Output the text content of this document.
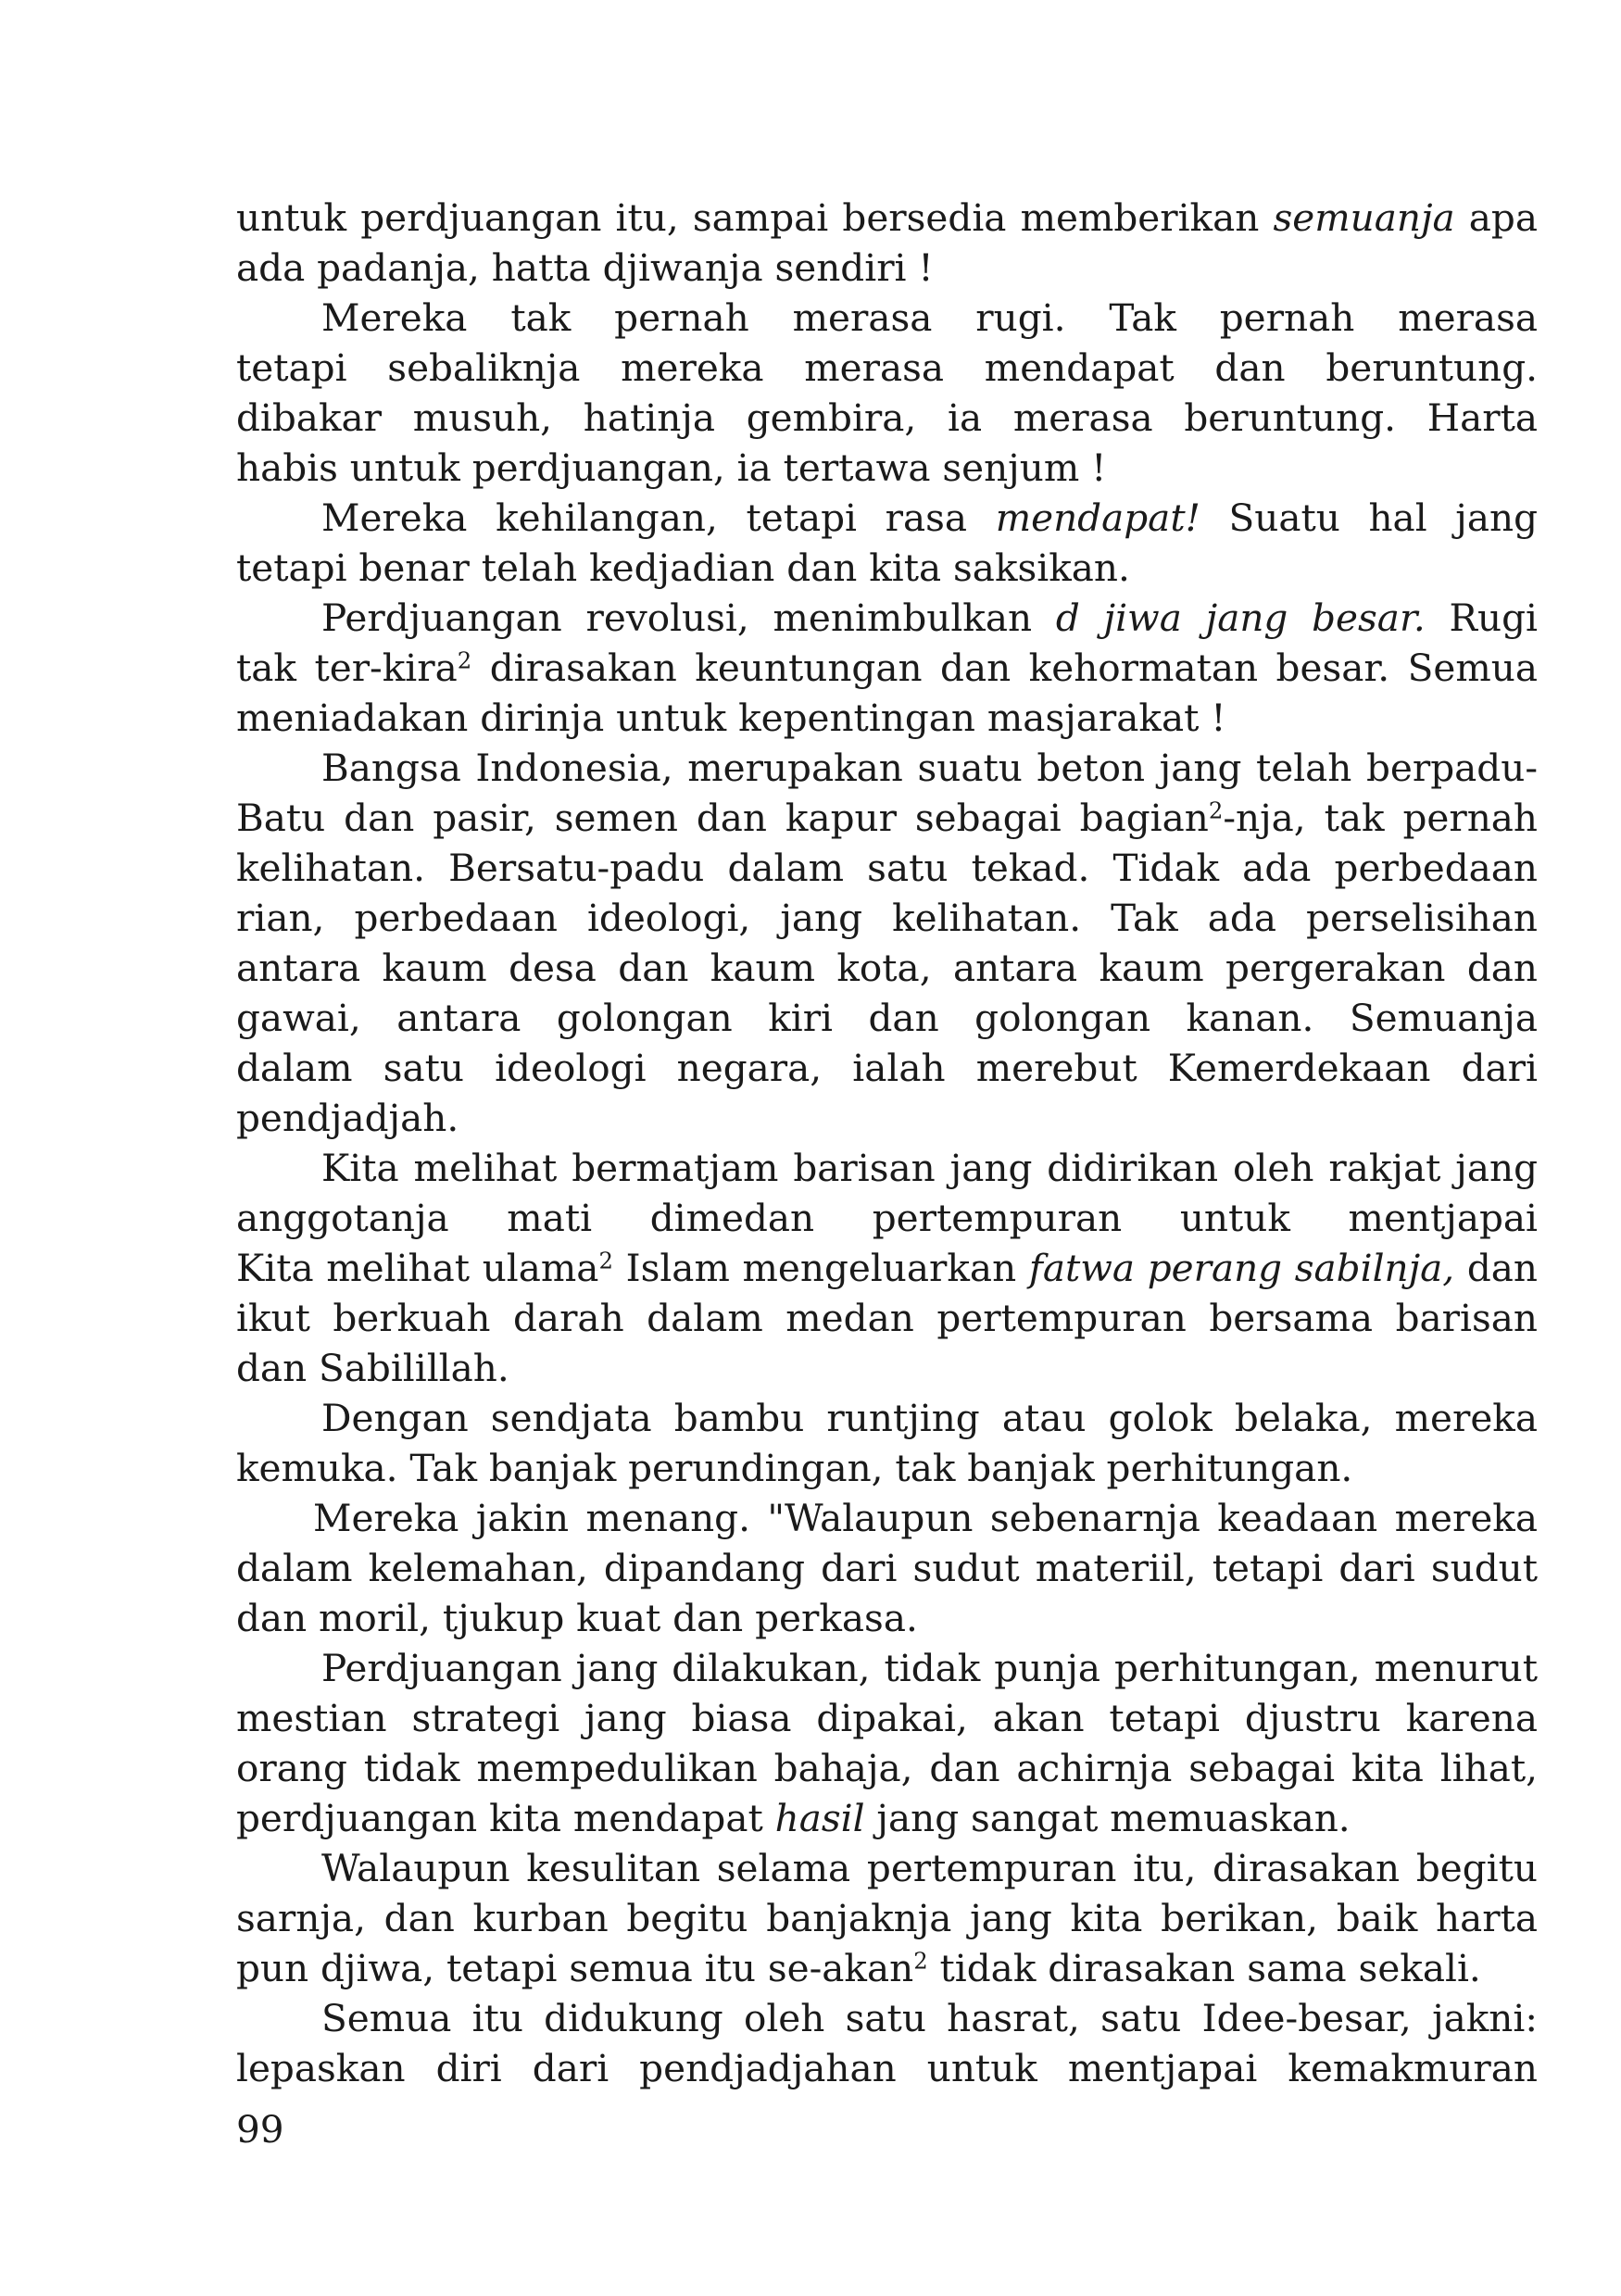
untuk perdjuangan itu, sampai bersedia memberikan semuanja apa
ada padanja, hatta djiwanja sendiri !
Mereka tak pernah merasa rugi. Tak pernah merasa
tetapi sebaliknja mereka merasa mendapat dan beruntung.
dibakar musuh, hatinja gembira, ia merasa beruntung. Harta
habis untuk perdjuangan, ia tertawa senjum !
Mereka kehilangan, tetapi rasa mendapat! Suatu hal jang
tetapi benar telah kedjadian dan kita saksikan.
Perdjuangan revolusi, menimbulkan d jiwa jang besar. Rugi
tak ter-kira$^2$ dirasakan keuntungan dan kehormatan besar. Semua
meniadakan dirinja untuk kepentingan masjarakat !
Bangsa Indonesia, merupakan suatu beton jang telah berpadu-
Batu dan pasir, semen dan kapur sebagai bagian$^2$-nja, tak pernah
kelihatan. Bersatu-padu dalam satu tekad. Tidak ada perbedaan
rian, perbedaan ideologi, jang kelihatan. Tak ada perselisihan
antara kaum desa dan kaum kota, antara kaum pergerakan dan
gawai, antara golongan kiri dan golongan kanan. Semuanja
dalam satu ideologi negara, ialah merebut Kemerdekaan dari
pendjadjah.
Kita melihat bermatjam barisan jang didirikan oleh rakjat jang
anggotanja mati dimedan pertempuran untuk mentjapai
Kita melihat ulama$^2$ Islam mengeluarkan fatwa perang sabilnja, dan
ikut berkuah darah dalam medan pertempuran bersama barisan
dan Sabilillah.
Dengan sendjata bambu runtjing atau golok belaka, mereka
kemuka. Tak banjak perundingan, tak banjak perhitungan.
Mereka jakin menang. "Walaupun sebenarnja keadaan mereka
dalam kelemahan, dipandang dari sudut materiil, tetapi dari sudut
dan moril, tjukup kuat dan perkasa.
Perdjuangan jang dilakukan, tidak punja perhitungan, menurut
mestian strategi jang biasa dipakai, akan tetapi djustru karena
orang tidak mempedulikan bahaja, dan achirnja sebagai kita lihat,
perdjuangan kita mendapat hasil jang sangat memuaskan.
Walaupun kesulitan selama pertempuran itu, dirasakan begitu
sarnja, dan kurban begitu banjaknja jang kita berikan, baik harta
pun djiwa, tetapi semua itu se-akan$^2$ tidak dirasakan sama sekali.
Semua itu didukung oleh satu hasrat, satu Idee-besar, jakni:
lepaskan diri dari pendjadjahan untuk mentjapai kemakmuran
99
